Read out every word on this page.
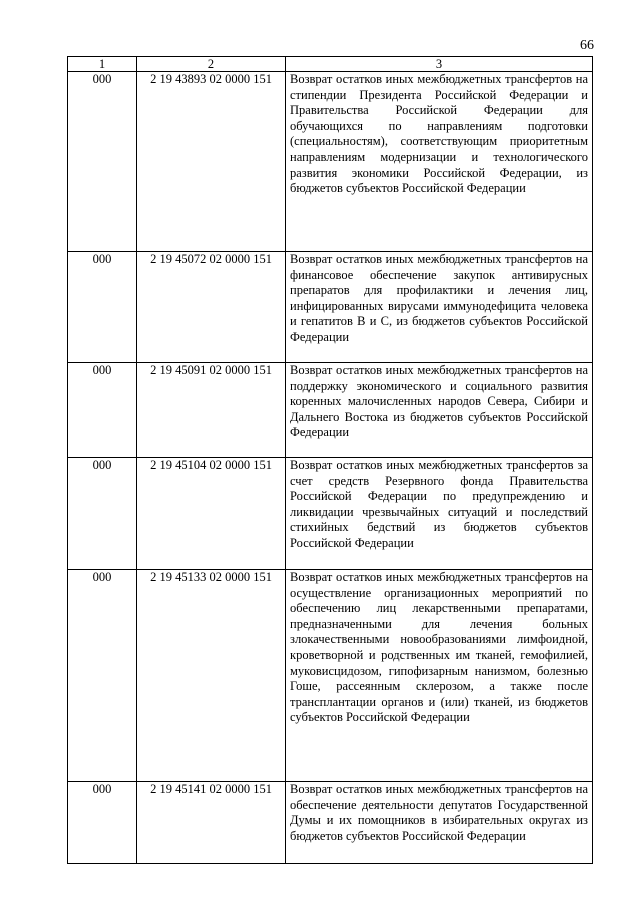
66
1	2	3
000	2 19 43893 02 0000 151	Возврат остатков иных межбюджетных трансфертов на стипендии Президента Российской Федерации и Правительства Российской Федерации для обучающихся по направлениям подготовки (специальностям), соответствующим приоритетным направлениям модернизации и технологического развития экономики Российской Федерации, из бюджетов субъектов Российской Федерации
000	2 19 45072 02 0000 151	Возврат остатков иных межбюджетных трансфертов на финансовое обеспечение закупок антивирусных препаратов для профилактики и лечения лиц, инфицированных вирусами иммунодефицита человека и гепатитов В и С, из бюджетов субъектов Российской Федерации
000	2 19 45091 02 0000 151	Возврат остатков иных межбюджетных трансфертов на поддержку экономического и социального развития коренных малочисленных народов Севера, Сибири и Дальнего Востока из бюджетов субъектов Российской Федерации
000	2 19 45104 02 0000 151	Возврат остатков иных межбюджетных трансфертов за счет средств Резервного фонда Правительства Российской Федерации по предупреждению и ликвидации чрезвычайных ситуаций и последствий стихийных бедствий из бюджетов субъектов Российской Федерации
000	2 19 45133 02 0000 151	Возврат остатков иных межбюджетных трансфертов на осуществление организационных мероприятий по обеспечению лиц лекарственными препаратами, предназначенными для лечения больных злокачественными новообразованиями лимфоидной, кроветворной и родственных им тканей, гемофилией, муковисцидозом, гипофизарным нанизмом, болезнью Гоше, рассеянным склерозом, а также после трансплантации органов и (или) тканей, из бюджетов субъектов Российской Федерации
000	2 19 45141 02 0000 151	Возврат остатков иных межбюджетных трансфертов на обеспечение деятельности депутатов Государственной Думы и их помощников в избирательных округах из бюджетов субъектов Российской Федерации
